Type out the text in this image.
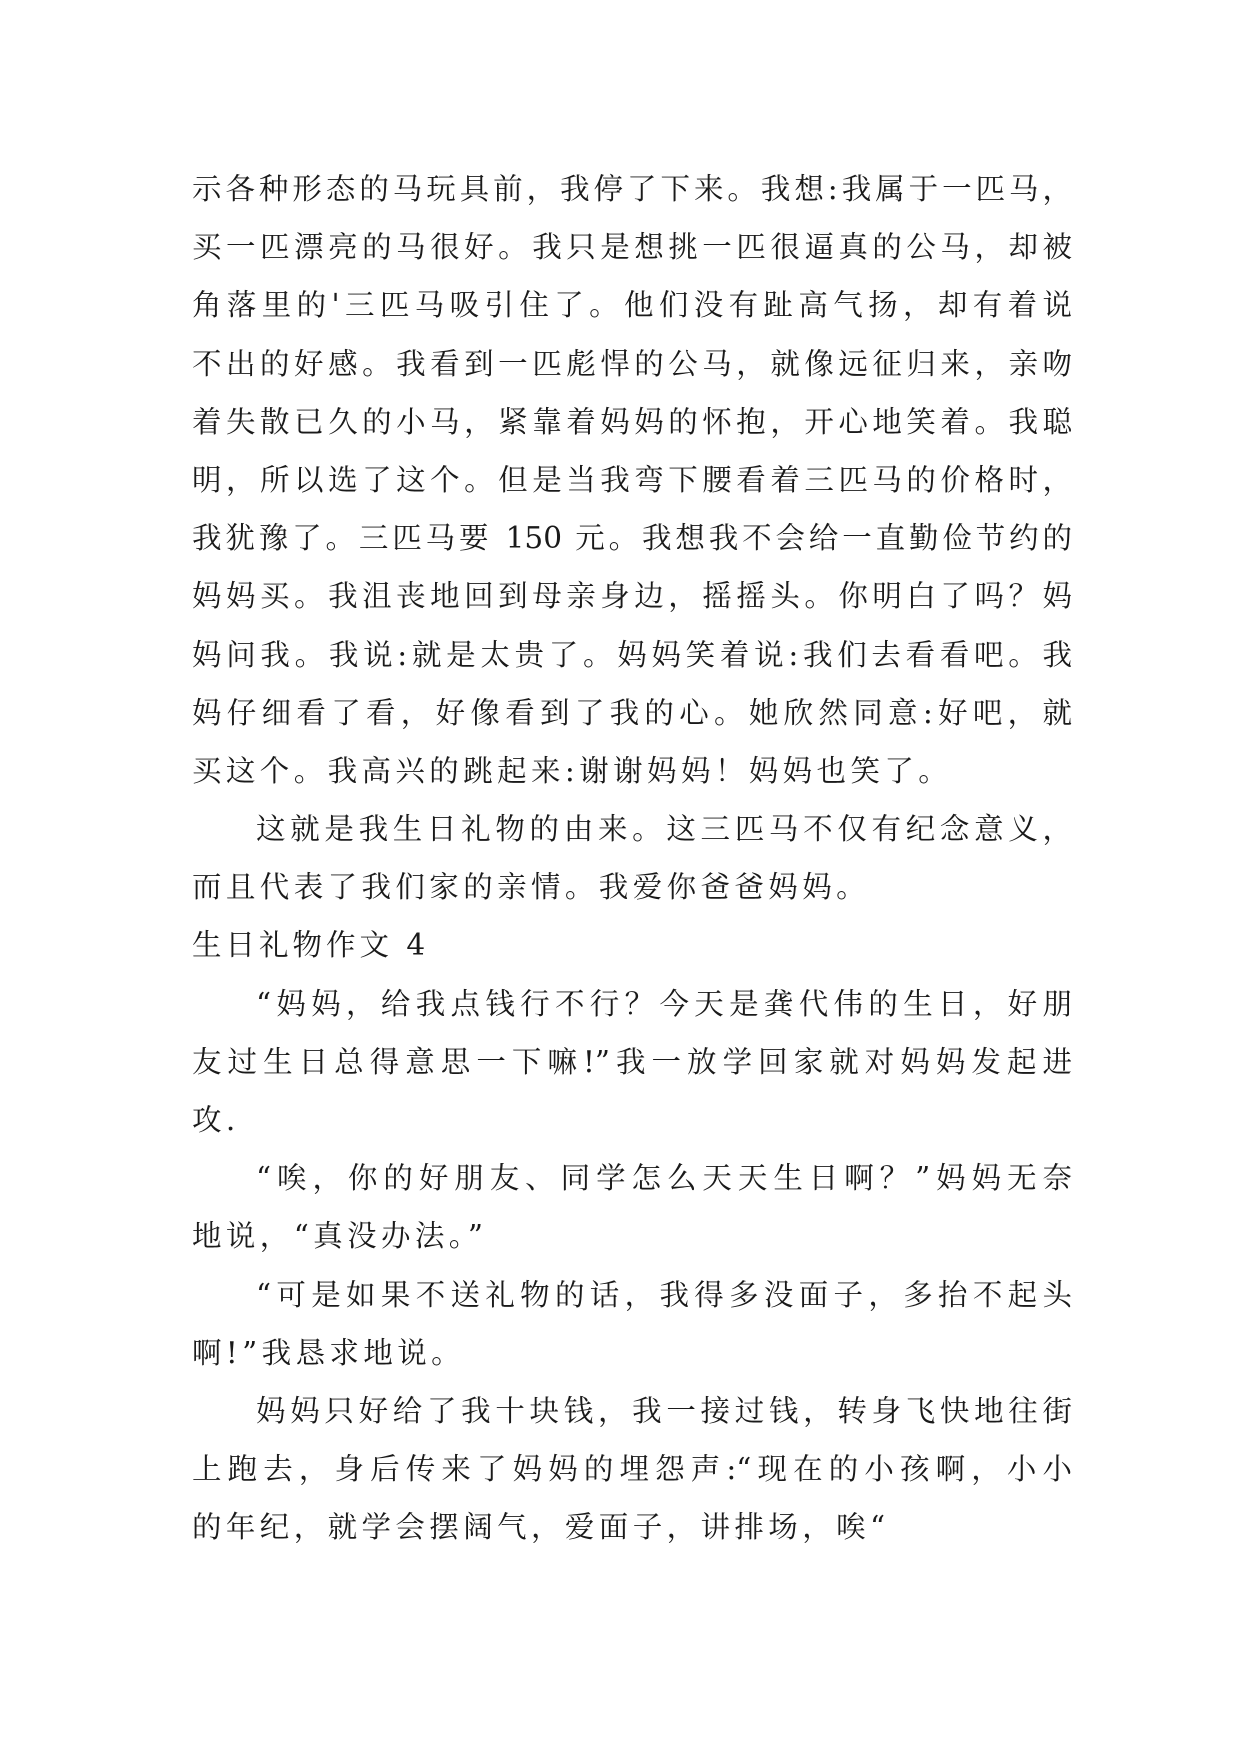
示各种形态的马玩具前，我停了下来。我想:我属于一匹马，
买一匹漂亮的马很好。我只是想挑一匹很逼真的公马，却被
角落里的'三匹马吸引住了。他们没有趾高气扬，却有着说
不出的好感。我看到一匹彪悍的公马，就像远征归来，亲吻
着失散已久的小马，紧靠着妈妈的怀抱，开心地笑着。我聪
明，所以选了这个。但是当我弯下腰看着三匹马的价格时，
我犹豫了。三匹马要 150 元。我想我不会给一直勤俭节约的
妈妈买。我沮丧地回到母亲身边，摇摇头。你明白了吗？妈
妈问我。我说:就是太贵了。妈妈笑着说:我们去看看吧。我
妈仔细看了看，好像看到了我的心。她欣然同意:好吧，就
买这个。我高兴的跳起来:谢谢妈妈！妈妈也笑了。
这就是我生日礼物的由来。这三匹马不仅有纪念意义，
而且代表了我们家的亲情。我爱你爸爸妈妈。
生日礼物作文 4
“妈妈，给我点钱行不行？今天是龚代伟的生日，好朋
友过生日总得意思一下嘛!”我一放学回家就对妈妈发起进
攻.
“唉，你的好朋友、同学怎么天天生日啊？”妈妈无奈
地说，“真没办法。”
“可是如果不送礼物的话，我得多没面子，多抬不起头
啊!”我恳求地说。
妈妈只好给了我十块钱，我一接过钱，转身飞快地往街
上跑去，身后传来了妈妈的埋怨声:“现在的小孩啊，小小
的年纪，就学会摆阔气，爱面子，讲排场，唉“
